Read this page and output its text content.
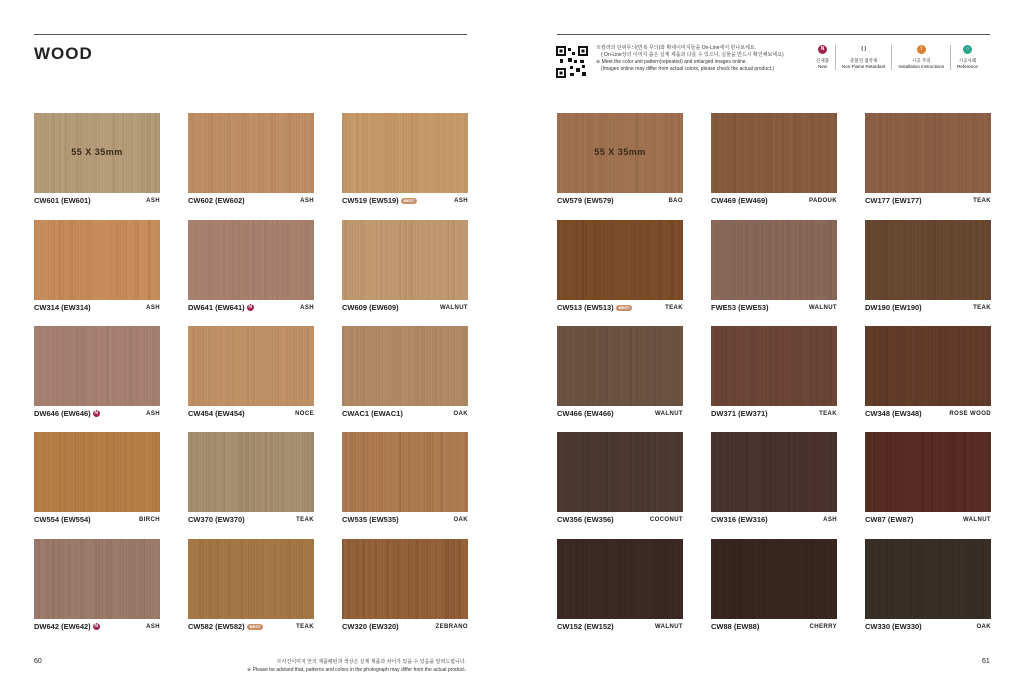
WOOD
55 X 35mm
CW601 (EW601)	ASH	CW602 (EW602)	ASH	CW519 (EW519)	BEST	ASH
CW314 (EW314)	ASH	DW641 (EW641) N	ASH	CW609 (EW609)	WALNUT
DW646 (EW646) N	ASH	CW454 (EW454)	NOCE	CWAC1 (EWAC1)	OAK
CW554 (EW554)	BIRCH	CW370 (EW370)	TEAK	CW535 (EW535)	OAK
DW642 (EW642) N	ASH	CW582 (EW582)	BEST	TEAK	CW320 (EW320)	ZEBRANO
60	※사진이미지 안의 제품패턴과 색상은 실제 제품과 차이가 있을 수 있음을 알려드립니다.
※ Please be advised that, patterns and colors in the photograph may differ from the actual product.
※컬러의 단위무늬(반복 무늬)와 확대이미지들을 On-Line에서 만나보세요.
( On-Line상의 이미지 출은 실제 제품과 다를 수 있으니, 실물을 반드시 확인해보세요)
※ Meet the color unit pattern(repeated) and enlarged images online.
(Images online may differ from actual colors, please check the actual product.)
N
신제품
New
( )
준불연 접착제
Non-Flame Retardant
!
시공 주의
Installation Instructions
○
시공사례
Reference
55 X 35mm
CW579 (EW579)	BAO	CW469 (EW469)	PADOUK	CW177 (EW177)	TEAK
CW513 (EW513)	BEST	TEAK	FWE53 (EWE53)	WALNUT	DW190 (EW190)	TEAK
CW466 (EW466)	WALNUT	DW371 (EW371)	TEAK	CW348 (EW348)	ROSE WOOD
CW356 (EW356)	COCONUT	CW316 (EW316)	ASH	CW87 (EW87)	WALNUT
CW152 (EW152)	WALNUT	CW88 (EW88)	CHERRY	CW330 (EW330)	OAK
61
